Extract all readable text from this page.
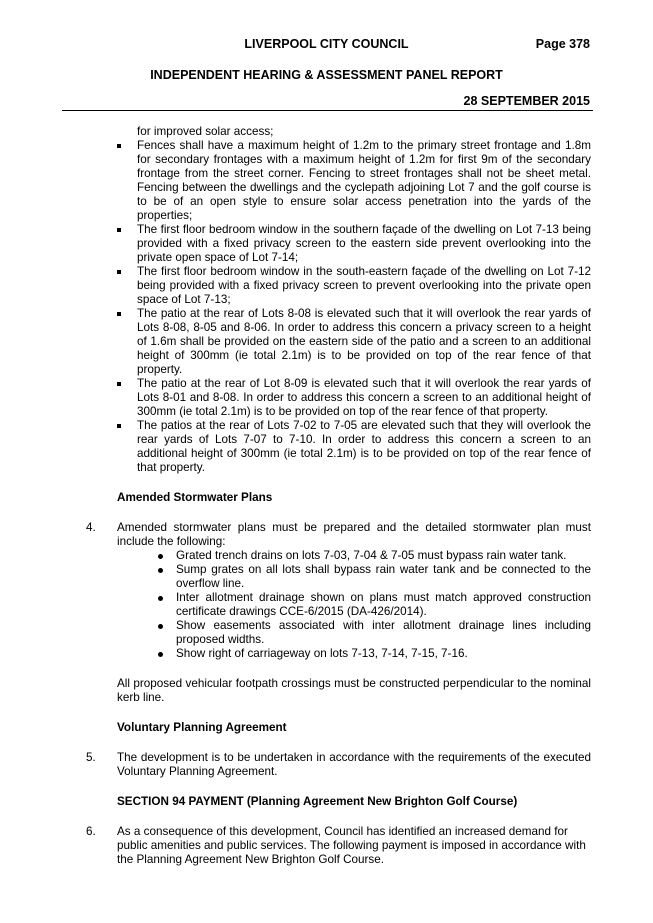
LIVERPOOL CITY COUNCIL	Page 378
INDEPENDENT HEARING & ASSESSMENT PANEL REPORT
28 SEPTEMBER 2015
for improved solar access;
Fences shall have a maximum height of 1.2m to the primary street frontage and 1.8m for secondary frontages with a maximum height of 1.2m for first 9m of the secondary frontage from the street corner. Fencing to street frontages shall not be sheet metal. Fencing between the dwellings and the cyclepath adjoining Lot 7 and the golf course is to be of an open style to ensure solar access penetration into the yards of the properties;
The first floor bedroom window in the southern façade of the dwelling on Lot 7-13 being provided with a fixed privacy screen to the eastern side prevent overlooking into the private open space of Lot 7-14;
The first floor bedroom window in the south-eastern façade of the dwelling on Lot 7-12 being provided with a fixed privacy screen to prevent overlooking into the private open space of Lot 7-13;
The patio at the rear of Lots 8-08 is elevated such that it will overlook the rear yards of Lots 8-08, 8-05 and 8-06. In order to address this concern a privacy screen to a height of 1.6m shall be provided on the eastern side of the patio and a screen to an additional height of 300mm (ie total 2.1m) is to be provided on top of the rear fence of that property.
The patio at the rear of Lot 8-09 is elevated such that it will overlook the rear yards of Lots 8-01 and 8-08. In order to address this concern a screen to an additional height of 300mm (ie total 2.1m) is to be provided on top of the rear fence of that property.
The patios at the rear of Lots 7-02 to 7-05 are elevated such that they will overlook the rear yards of Lots 7-07 to 7-10. In order to address this concern a screen to an additional height of 300mm (ie total 2.1m) is to be provided on top of the rear fence of that property.
Amended Stormwater Plans
4. Amended stormwater plans must be prepared and the detailed stormwater plan must include the following:
Grated trench drains on lots 7-03, 7-04 & 7-05 must bypass rain water tank.
Sump grates on all lots shall bypass rain water tank and be connected to the overflow line.
Inter allotment drainage shown on plans must match approved construction certificate drawings CCE-6/2015 (DA-426/2014).
Show easements associated with inter allotment drainage lines including proposed widths.
Show right of carriageway on lots 7-13, 7-14, 7-15, 7-16.
All proposed vehicular footpath crossings must be constructed perpendicular to the nominal kerb line.
Voluntary Planning Agreement
5. The development is to be undertaken in accordance with the requirements of the executed Voluntary Planning Agreement.
SECTION 94 PAYMENT (Planning Agreement New Brighton Golf Course)
6. As a consequence of this development, Council has identified an increased demand for public amenities and public services. The following payment is imposed in accordance with the Planning Agreement New Brighton Golf Course.
